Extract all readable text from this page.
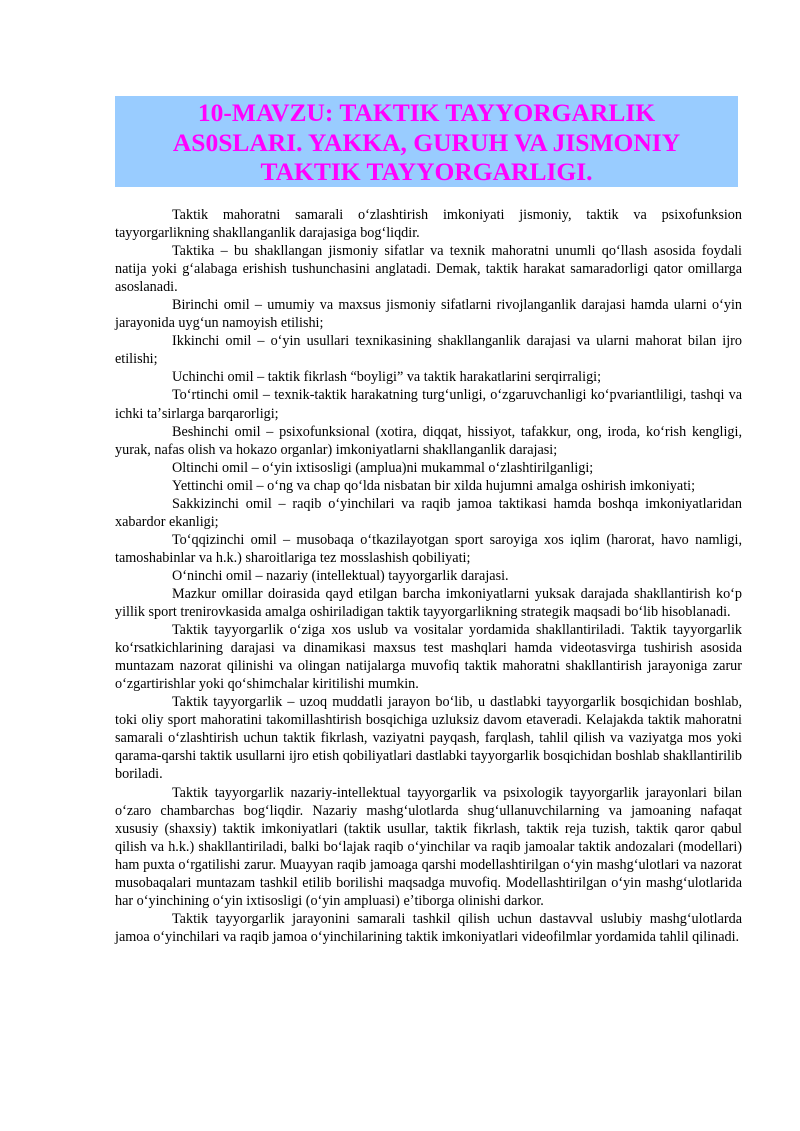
10-MAVZU: TAKTIK TAYYORGARLIK
AS0SLARI. YAKKA, GURUH VA JISMONIY
TAKTIK TAYYORGARLIGI.

Taktik mahoratni samarali oʻzlashtirish imkoniyati jismoniy, taktik va psixofunksion tayyorgarlikning shakllanganlik darajasiga bogʻliqdir.

Taktika – bu shakllangan jismoniy sifatlar va texnik mahoratni unumli qoʻllash asosida foydali natija yoki gʻalabaga erishish tushunchasini anglatadi. Demak, taktik harakat samaradorligi qator omillarga asoslanadi.

Birinchi omil – umumiy va maxsus jismoniy sifatlarni rivojlanganlik darajasi hamda ularni oʻyin jarayonida uygʻun namoyish etilishi;

Ikkinchi omil – oʻyin usullari texnikasining shakllanganlik darajasi va ularni mahorat bilan ijro etilishi;

Uchinchi omil – taktik fikrlash “boyligi” va taktik harakatlarini serqirraligi;

Toʻrtinchi omil – texnik-taktik harakatning turgʻunligi, oʻzgaruvchanligi koʻpvariantliligi, tashqi va ichki taʼsirlarga barqarorligi;

Beshinchi omil – psixofunksional (xotira, diqqat, hissiyot, tafakkur, ong, iroda, koʻrish kengligi, yurak, nafas olish va hokazo organlar) imkoniyatlarni shakllanganlik darajasi;

Oltinchi omil – oʻyin ixtisosligi (amplua)ni mukammal oʻzlashtirilganligi;

Yettinchi omil – oʻng va chap qoʻlda nisbatan bir xilda hujumni amalga oshirish imkoniyati;

Sakkizinchi omil – raqib oʻyinchilari va raqib jamoa taktikasi hamda boshqa imkoniyatlaridan xabardor ekanligi;

Toʻqqizinchi omil – musobaqa oʻtkazilayotgan sport saroyiga xos iqlim (harorat, havo namligi, tamoshabinlar va h.k.) sharoitlariga tez mosslashish qobiliyati;

Oʻninchi omil – nazariy (intellektual) tayyorgarlik darajasi.

Mazkur omillar doirasida qayd etilgan barcha imkoniyatlarni yuksak darajada shakllantirish koʻp yillik sport trenirovkasida amalga oshiriladigan taktik tayyorgarlikning strategik maqsadi boʻlib hisoblanadi.

Taktik tayyorgarlik oʻziga xos uslub va vositalar yordamida shakllantiriladi. Taktik tayyorgarlik koʻrsatkichlarining darajasi va dinamikasi maxsus test mashqlari hamda videotasvirga tushirish asosida muntazam nazorat qilinishi va olingan natijalarga muvofiq taktik mahoratni shakllantirish jarayoniga zarur oʻzgartirishlar yoki qoʻshimchalar kiritilishi mumkin.

Taktik tayyorgarlik – uzoq muddatli jarayon boʻlib, u dastlabki tayyorgarlik bosqichidan boshlab, toki oliy sport mahoratini takomillashtirish bosqichiga uzluksiz davom etaveradi. Kelajakda taktik mahoratni samarali oʻzlashtirish uchun taktik fikrlash, vaziyatni payqash, farqlash, tahlil qilish va vaziyatga mos yoki qarama-qarshi taktik usullarni ijro etish qobiliyatlari dastlabki tayyorgarlik bosqichidan boshlab shakllantirilib boriladi.

Taktik tayyorgarlik nazariy-intellektual tayyorgarlik va psixologik tayyorgarlik jarayonlari bilan oʻzaro chambarchas bogʻliqdir. Nazariy mashgʻulotlarda shugʻullanuvchilarning va jamoaning nafaqat xususiy (shaxsiy) taktik imkoniyatlari (taktik usullar, taktik fikrlash, taktik reja tuzish, taktik qaror qabul qilish va h.k.) shakllantiriladi, balki boʻlajak raqib oʻyinchilar va raqib jamoalar taktik andozalari (modellari) ham puxta oʻrgatilishi zarur. Muayyan raqib jamoaga qarshi modellashtirilgan oʻyin mashgʻulotlari va nazorat musobaqalari muntazam tashkil etilib borilishi maqsadga muvofiq. Modellashtirilgan oʻyin mashgʻulotlarida har oʻyinchining oʻyin ixtisosligi (oʻyin ampluasi) eʼtiborga olinishi darkor.

Taktik tayyorgarlik jarayonini samarali tashkil qilish uchun dastavval uslubiy mashgʻulotlarda jamoa oʻyinchilari va raqib jamoa oʻyinchilarining taktik imkoniyatlari videofilmlar yordamida tahlil qilinadi.
